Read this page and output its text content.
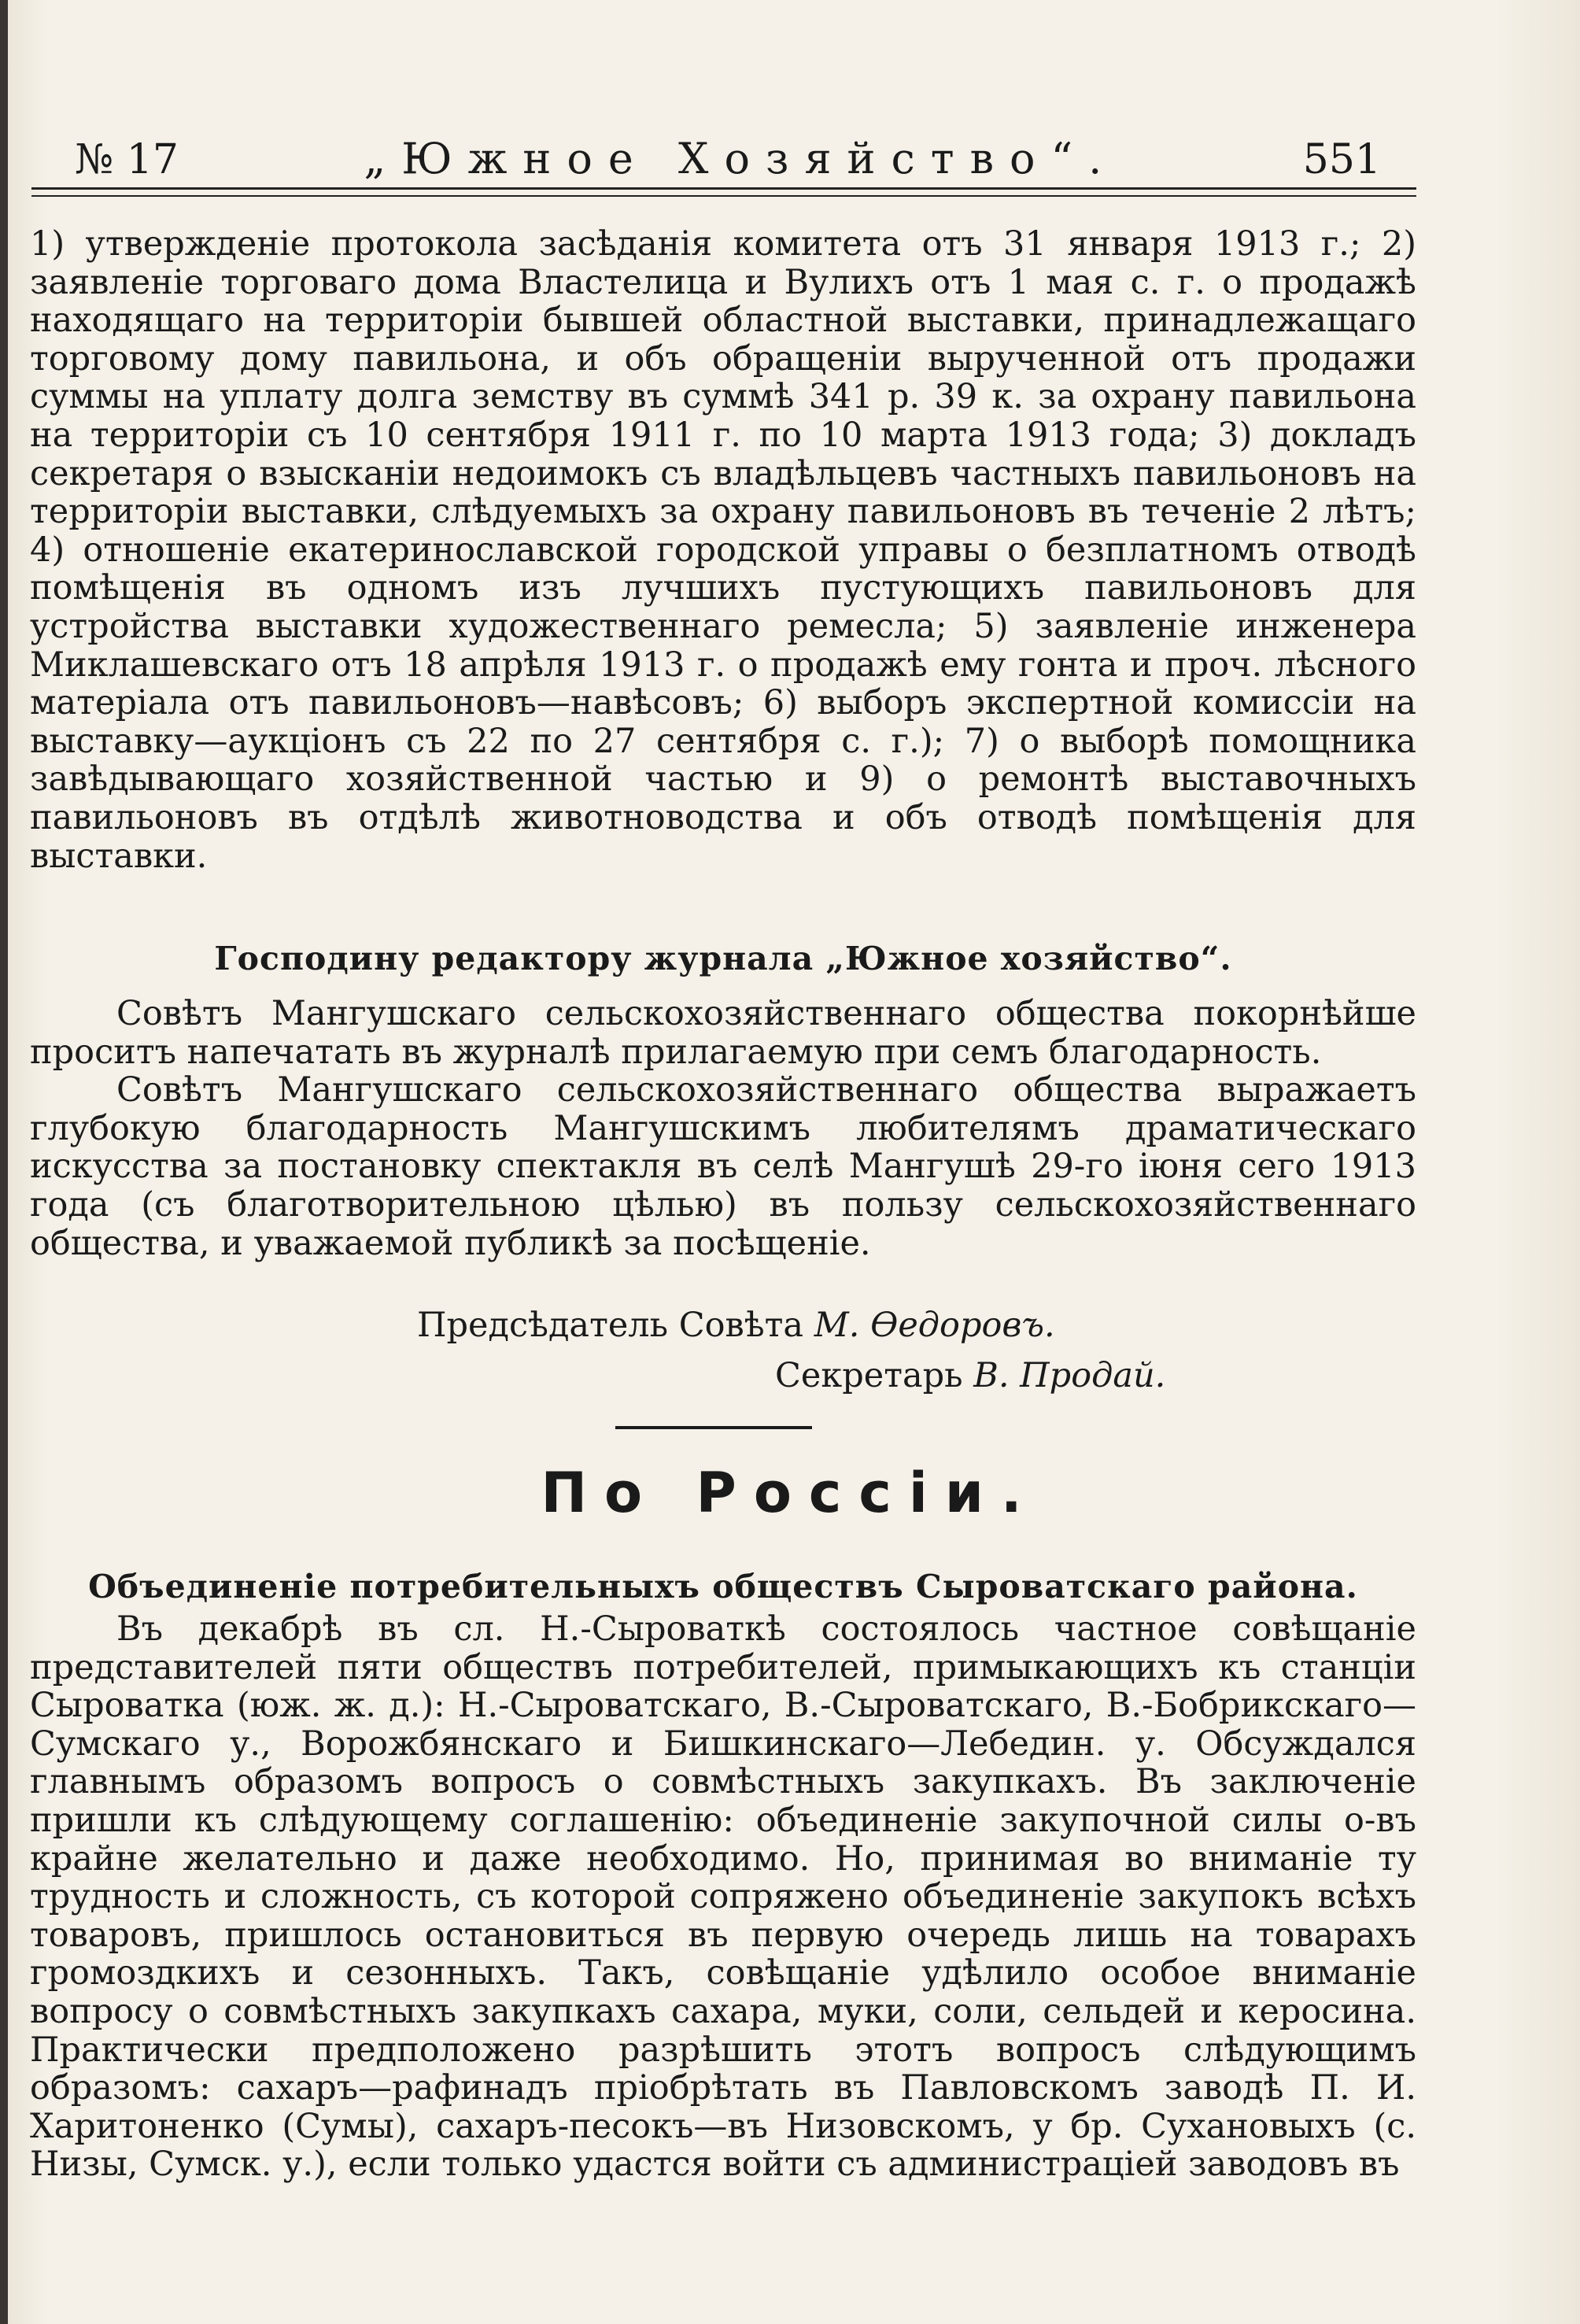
№ 17	„Южное Хозяйство“.	551

1) утвержденіе протокола засѣданія комитета отъ 31 января 1913 г.; 2) заявленіе торговаго дома Властелица и Вулихъ отъ 1 мая с. г. о продажѣ находящаго на территоріи бывшей областной выставки, принадлежащаго торговому дому павильона, и объ обращеніи вырученной отъ продажи суммы на уплату долга земству въ суммѣ 341 р. 39 к. за охрану павильона на территоріи съ 10 сентября 1911 г. по 10 марта 1913 года; 3) докладъ секретаря о взысканіи недоимокъ съ владѣльцевъ частныхъ павильоновъ на территоріи выставки, слѣдуемыхъ за охрану павильоновъ въ теченіе 2 лѣтъ; 4) отношеніе екатеринославской городской управы о безплатномъ отводѣ помѣщенія въ одномъ изъ лучшихъ пустующихъ павильоновъ для устройства выставки художественнаго ремесла; 5) заявленіе инженера Миклашевскаго отъ 18 апрѣля 1913 г. о продажѣ ему гонта и проч. лѣсного матеріала отъ павильоновъ—навѣсовъ; 6) выборъ экспертной комиссіи на выставку—аукціонъ съ 22 по 27 сентября с. г.); 7) о выборѣ помощника завѣдывающаго хозяйственной частью и 9) о ремонтѣ выставочныхъ павильоновъ въ отдѣлѣ животноводства и объ отводѣ помѣщенія для выставки.

Господину редактору журнала „Южное хозяйство“.

Совѣтъ Мангушскаго сельскохозяйственнаго общества покорнѣйше проситъ напечатать въ журналѣ прилагаемую при семъ благодарность.

Совѣтъ Мангушскаго сельскохозяйственнаго общества выражаетъ глубокую благодарность Мангушскимъ любителямъ драматическаго искусства за постановку спектакля въ селѣ Мангушѣ 29-го іюня сего 1913 года (съ благотворительною цѣлью) въ пользу сельскохозяйственнаго общества, и уважаемой публикѣ за посѣщеніе.

Предсѣдатель Совѣта М. Ѳедоровъ.
Секретарь В. Продай.
По Россіи.
Объединеніе потребительныхъ обществъ Сыроватскаго района.

Въ декабрѣ въ сл. Н.-Сыроваткѣ состоялось частное совѣщаніе представителей пяти обществъ потребителей, примыкающихъ къ станціи Сыроватка (юж. ж. д.): Н.-Сыроватскаго, В.-Сыроватскаго, В.-Бобрикскаго—Сумскаго у., Ворожбянскаго и Бишкинскаго—Лебедин. у. Обсуждался главнымъ образомъ вопросъ о совмѣстныхъ закупкахъ. Въ заключеніе пришли къ слѣдующему соглашенію: объединеніе закупочной силы о-въ крайне желательно и даже необходимо. Но, принимая во вниманіе ту трудность и сложность, съ которой сопряжено объединеніе закупокъ всѣхъ товаровъ, пришлось остановиться въ первую очередь лишь на товарахъ громоздкихъ и сезонныхъ. Такъ, совѣщаніе удѣлило особое вниманіе вопросу о совмѣстныхъ закупкахъ сахара, муки, соли, сельдей и керосина. Практически предположено разрѣшить этотъ вопросъ слѣдующимъ образомъ: сахаръ—рафинадъ пріобрѣтать въ Павловскомъ заводѣ П. И. Харитоненко (Сумы), сахаръ-песокъ—въ Низовскомъ, у бр. Сухановыхъ (с. Низы, Сумск. у.), если только удастся войти съ администраціей заводовъ въ
